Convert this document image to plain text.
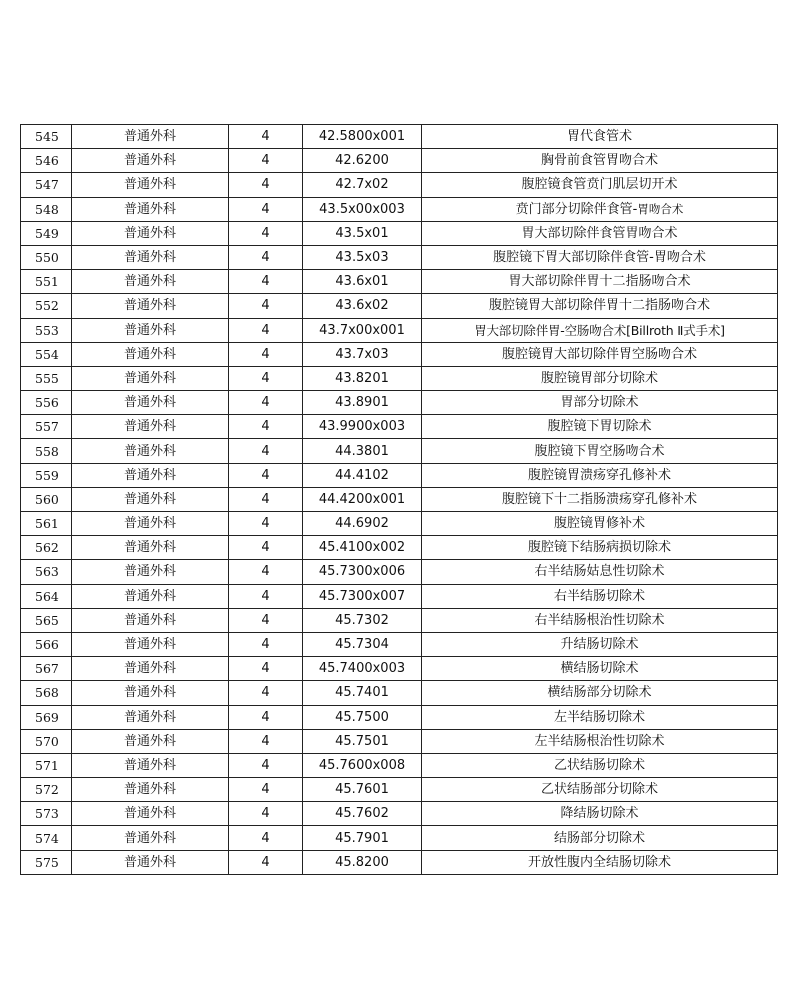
545	普通外科	4	42.5800x001	胃代食管术
546	普通外科	4	42.6200	胸骨前食管胃吻合术
547	普通外科	4	42.7x02	腹腔镜食管贲门肌层切开术
548	普通外科	4	43.5x00x003	贲门部分切除伴食管-胃吻合术
549	普通外科	4	43.5x01	胃大部切除伴食管胃吻合术
550	普通外科	4	43.5x03	腹腔镜下胃大部切除伴食管-胃吻合术
551	普通外科	4	43.6x01	胃大部切除伴胃十二指肠吻合术
552	普通外科	4	43.6x02	腹腔镜胃大部切除伴胃十二指肠吻合术
553	普通外科	4	43.7x00x001	胃大部切除伴胃-空肠吻合术[Billroth Ⅱ式手术]
554	普通外科	4	43.7x03	腹腔镜胃大部切除伴胃空肠吻合术
555	普通外科	4	43.8201	腹腔镜胃部分切除术
556	普通外科	4	43.8901	胃部分切除术
557	普通外科	4	43.9900x003	腹腔镜下胃切除术
558	普通外科	4	44.3801	腹腔镜下胃空肠吻合术
559	普通外科	4	44.4102	腹腔镜胃溃疡穿孔修补术
560	普通外科	4	44.4200x001	腹腔镜下十二指肠溃疡穿孔修补术
561	普通外科	4	44.6902	腹腔镜胃修补术
562	普通外科	4	45.4100x002	腹腔镜下结肠病损切除术
563	普通外科	4	45.7300x006	右半结肠姑息性切除术
564	普通外科	4	45.7300x007	右半结肠切除术
565	普通外科	4	45.7302	右半结肠根治性切除术
566	普通外科	4	45.7304	升结肠切除术
567	普通外科	4	45.7400x003	横结肠切除术
568	普通外科	4	45.7401	横结肠部分切除术
569	普通外科	4	45.7500	左半结肠切除术
570	普通外科	4	45.7501	左半结肠根治性切除术
571	普通外科	4	45.7600x008	乙状结肠切除术
572	普通外科	4	45.7601	乙状结肠部分切除术
573	普通外科	4	45.7602	降结肠切除术
574	普通外科	4	45.7901	结肠部分切除术
575	普通外科	4	45.8200	开放性腹内全结肠切除术
